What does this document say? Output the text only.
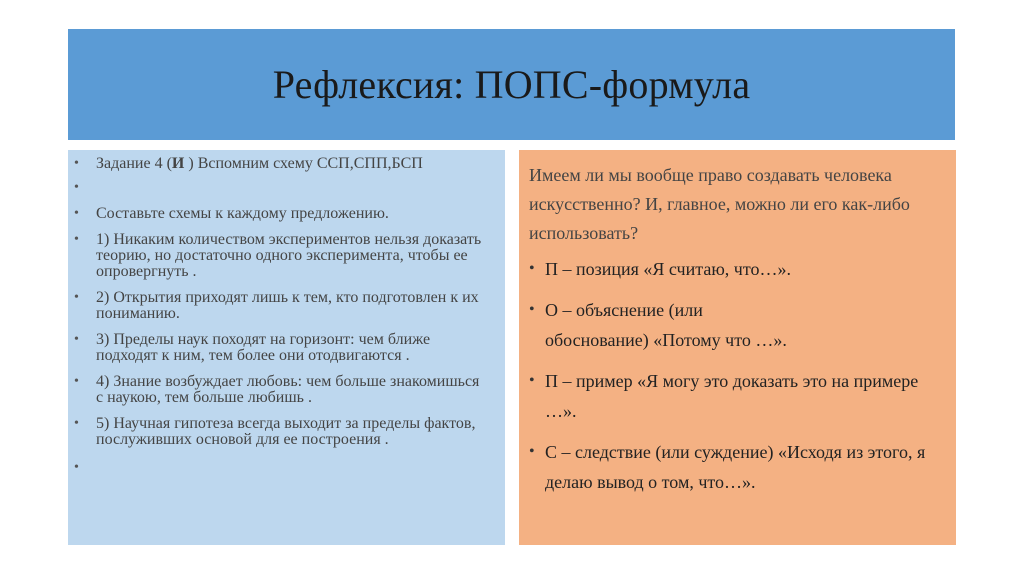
Рефлексия: ПОПС-формула
• Задание 4 (И ) Вспомним схему ССП,СПП,БСП
•
• Составьте схемы к каждому предложению.
• 1) Никаким количеством экспериментов нельзя доказать теорию, но достаточно одного эксперимента, чтобы ее опровергнуть .
• 2) Открытия приходят лишь к тем, кто подготовлен к их пониманию.
• 3) Пределы наук походят на горизонт: чем ближе подходят к ним, тем более они отодвигаются .
• 4) Знание возбуждает любовь: чем больше знакомишься с наукою, тем больше любишь .
• 5) Научная гипотеза всегда выходит за пределы фактов, послуживших основой для ее построения .
•

Имеем ли мы вообще право создавать человека искусственно? И, главное, можно ли его как-либо использовать?

• П – позиция «Я считаю, что…».
• О – объяснение (или обоснование) «Потому что …».
• П – пример «Я могу это доказать это на примере …».
• С – следствие (или суждение) «Исходя из этого, я делаю вывод о том, что…».
